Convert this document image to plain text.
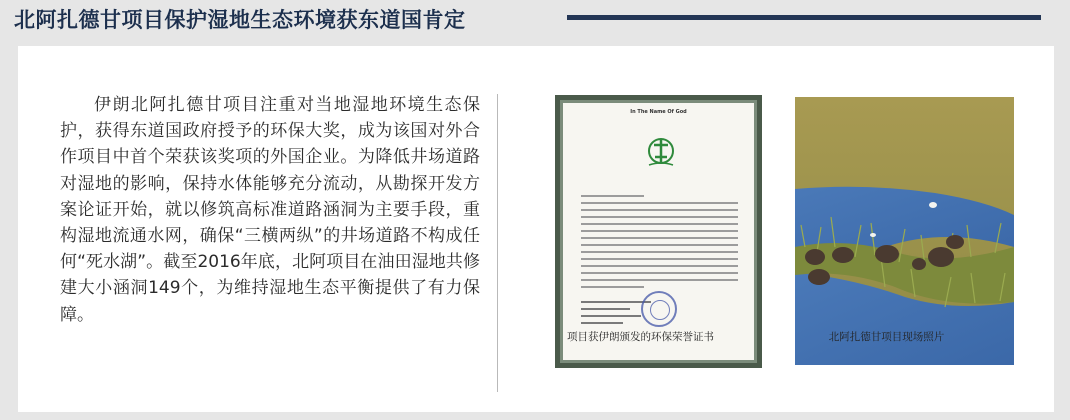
北阿扎德甘项目保护湿地生态环境获东道国肯定

伊朗北阿扎德甘项目注重对当地湿地环境生态保护，获得东道国政府授予的环保大奖，成为该国对外合作项目中首个荣获该奖项的外国企业。为降低井场道路对湿地的影响，保持水体能够充分流动，从勘探开发方案论证开始，就以修筑高标准道路涵洞为主要手段，重构湿地流通水网，确保“三横两纵”的井场道路不构成任何“死水湖”。截至2016年底，北阿项目在油田湿地共修建大小涵洞149个，为维持湿地生态平衡提供了有力保障。

In The Name Of God
项目获伊朗颁发的环保荣誉证书	北阿扎德甘项目现场照片
